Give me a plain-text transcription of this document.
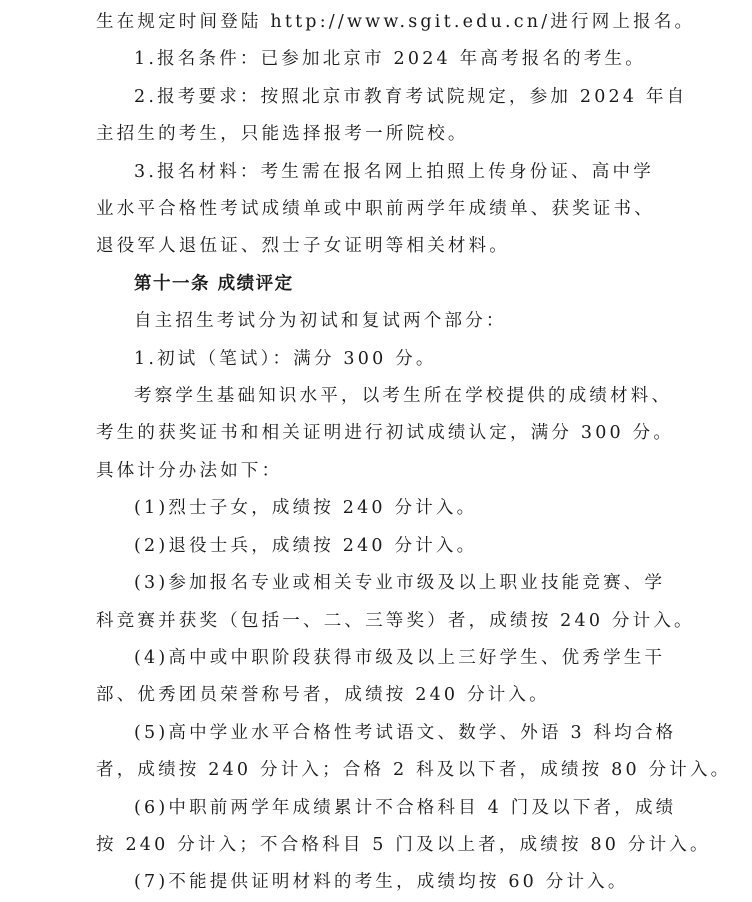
生在规定时间登陆 http://www.sgit.edu.cn/进行网上报名。

1.报名条件：已参加北京市 2024 年高考报名的考生。

2.报考要求：按照北京市教育考试院规定，参加 2024 年自

主招生的考生，只能选择报考一所院校。

3.报名材料：考生需在报名网上拍照上传身份证、高中学

业水平合格性考试成绩单或中职前两学年成绩单、获奖证书、

退役军人退伍证、烈士子女证明等相关材料。

第十一条 成绩评定

自主招生考试分为初试和复试两个部分：

1.初试（笔试）：满分 300 分。

考察学生基础知识水平，以考生所在学校提供的成绩材料、

考生的获奖证书和相关证明进行初试成绩认定，满分 300 分。

具体计分办法如下：

(1)烈士子女，成绩按 240 分计入。

(2)退役士兵，成绩按 240 分计入。

(3)参加报名专业或相关专业市级及以上职业技能竞赛、学

科竞赛并获奖（包括一、二、三等奖）者，成绩按 240 分计入。

(4)高中或中职阶段获得市级及以上三好学生、优秀学生干

部、优秀团员荣誉称号者，成绩按 240 分计入。

(5)高中学业水平合格性考试语文、数学、外语 3 科均合格

者，成绩按 240 分计入；合格 2 科及以下者，成绩按 80 分计入。

(6)中职前两学年成绩累计不合格科目 4 门及以下者，成绩

按 240 分计入；不合格科目 5 门及以上者，成绩按 80 分计入。

(7)不能提供证明材料的考生，成绩均按 60 分计入。
